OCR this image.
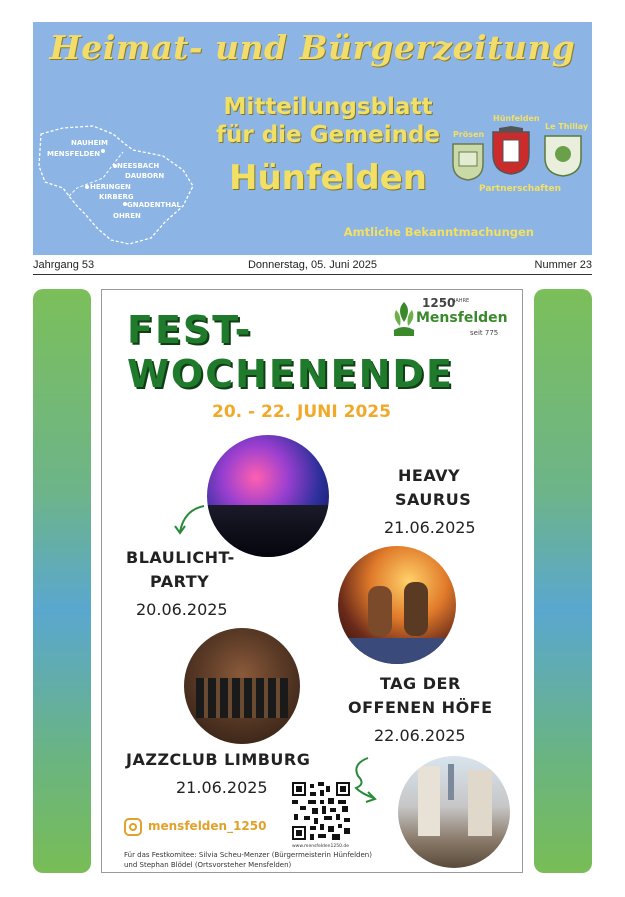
Heimat- und Bürgerzeitung
Mitteilungsblatt
für die Gemeinde
Hünfelden
Amtliche Bekanntmachungen
NAUHEIM
MENSFELDEN
NEESBACH
DAUBORN
HERINGEN
KIRBERG
GNADENTHAL
OHREN
Prösen
Hünfelden
Le Thillay
Partnerschaften
Jahrgang 53	Donnerstag, 05. Juni 2025	Nummer 23
FEST-
WOCHENENDE
20. - 22. JUNI 2025
1250
JAHRE
Mensfelden
seit 775
HEAVY
SAURUS
21.06.2025
BLAULICHT-
PARTY
20.06.2025
TAG DER
OFFENEN HÖFE
22.06.2025
JAZZCLUB LIMBURG
21.06.2025
www.mensfelden1250.de
mensfelden_1250
Für das Festkomitee: Silvia Scheu-Menzer (Bürgermeisterin Hünfelden)
und Stephan Blödel (Ortsvorsteher Mensfelden)
